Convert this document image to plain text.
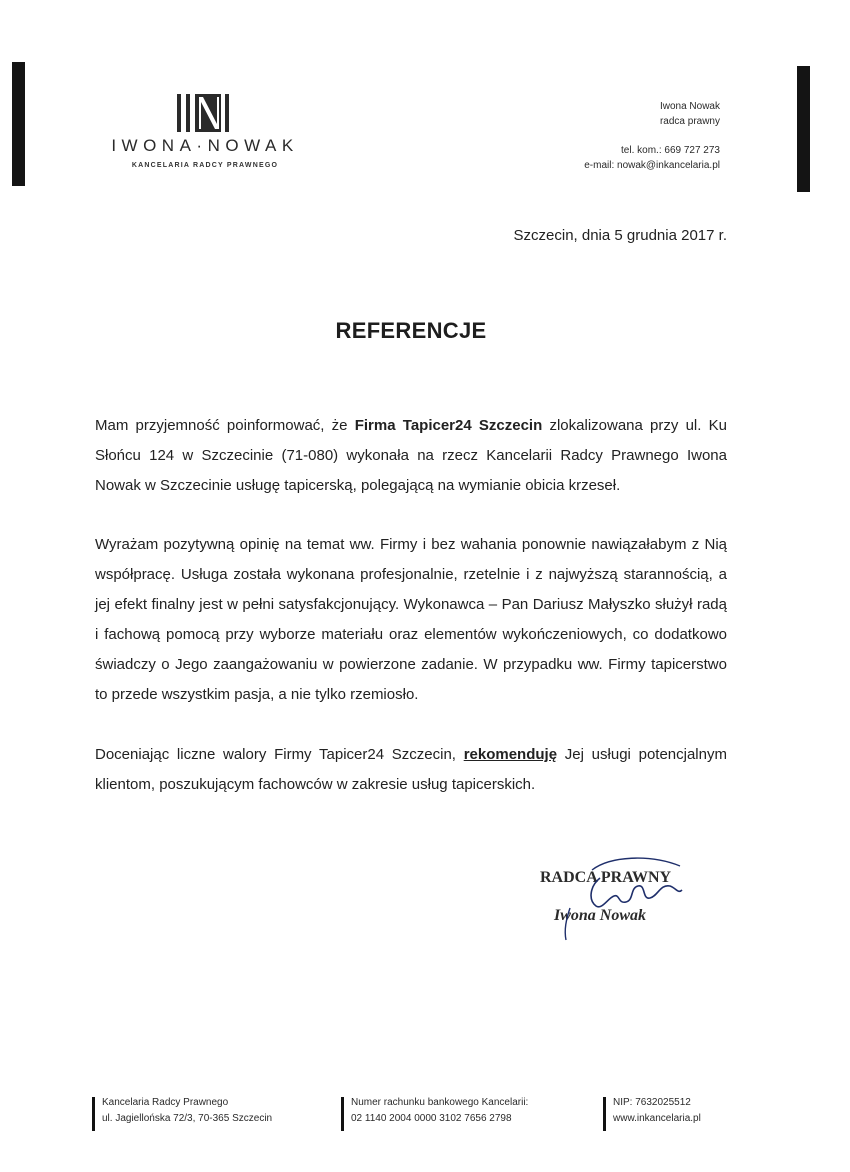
IWONA·NOWAK
KANCELARIA RADCY PRAWNEGO
Iwona Nowak
radca prawny
tel. kom.: 669 727 273
e-mail: nowak@inkancelaria.pl
Szczecin, dnia 5 grudnia 2017 r.
REFERENCJE

Mam przyjemność poinformować, że Firma Tapicer24 Szczecin zlokalizowana przy ul. Ku Słońcu 124 w Szczecinie (71-080) wykonała na rzecz Kancelarii Radcy Prawnego Iwona Nowak w Szczecinie usługę tapicerską, polegającą na wymianie obicia krzeseł.

Wyrażam pozytywną opinię na temat ww. Firmy i bez wahania ponownie nawiązałabym z Nią współpracę. Usługa została wykonana profesjonalnie, rzetelnie i z najwyższą starannością, a jej efekt finalny jest w pełni satysfakcjonujący. Wykonawca – Pan Dariusz Małyszko służył radą i fachową pomocą przy wyborze materiału oraz elementów wykończeniowych, co dodatkowo świadczy o Jego zaangażowaniu w powierzone zadanie. W przypadku ww. Firmy tapicerstwo to przede wszystkim pasja, a nie tylko rzemiosło.

Doceniając liczne walory Firmy Tapicer24 Szczecin, rekomenduję Jej usługi potencjalnym klientom, poszukującym fachowców w zakresie usług tapicerskich.

RADCA PRAWNY
Iwona Nowak
Kancelaria Radcy Prawnego
ul. Jagiellońska 72/3, 70-365 Szczecin
Numer rachunku bankowego Kancelarii:
02 1140 2004 0000 3102 7656 2798
NIP: 7632025512
www.inkancelaria.pl
